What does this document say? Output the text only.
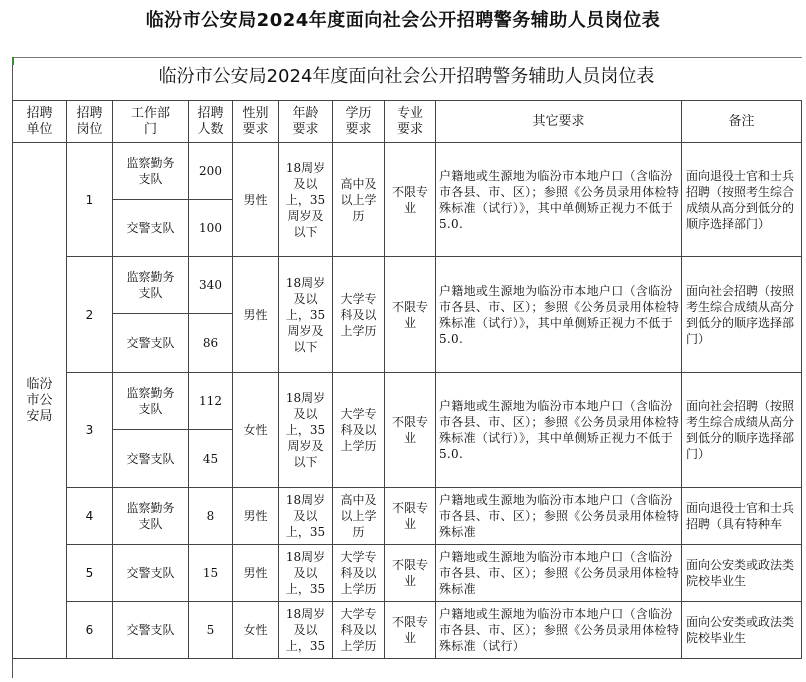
临汾市公安局2024年度面向社会公开招聘警务辅助人员岗位表
临汾市公安局2024年度面向社会公开招聘警务辅助人员岗位表
招聘单位	招聘岗位	工作部门	招聘人数	性别要求	年龄要求	学历要求	专业要求	其它要求	备注
临汾市公安局	1	监察勤务支队	200	男性	18周岁及以上，35周岁及以下	高中及以上学历	不限专业	户籍地或生源地为临汾市本地户口（含临汾市各县、市、区）；参照《公务员录用体检特殊标准（试行）》，其中单侧矫正视力不低于5.0.	面向退役士官和士兵招聘（按照考生综合成绩从高分到低分的顺序选择部门）
		交警支队	100						
	2	监察勤务支队	340	男性	18周岁及以上，35周岁及以下	大学专科及以上学历	不限专业	户籍地或生源地为临汾市本地户口（含临汾市各县、市、区）；参照《公务员录用体检特殊标准（试行）》，其中单侧矫正视力不低于5.0.	面向社会招聘（按照考生综合成绩从高分到低分的顺序选择部门）
		交警支队	86						
	3	监察勤务支队	112	女性	18周岁及以上，35周岁及以下	大学专科及以上学历	不限专业	户籍地或生源地为临汾市本地户口（含临汾市各县、市、区）；参照《公务员录用体检特殊标准（试行）》，其中单侧矫正视力不低于5.0.	面向社会招聘（按照考生综合成绩从高分到低分的顺序选择部门）
		交警支队	45						
	4	监察勤务支队	8	男性	18周岁及以上，35	高中及以上学历	不限专业	户籍地或生源地为临汾市本地户口（含临汾市各县、市、区）；参照《公务员录用体检特殊标准	面向退役士官和士兵招聘（具有特种车
	5	交警支队	15	男性	18周岁及以上，35	大学专科及以上学历	不限专业	户籍地或生源地为临汾市本地户口（含临汾市各县、市、区）；参照《公务员录用体检特殊标准	面向公安类或政法类院校毕业生
	6	交警支队	5	女性	18周岁及以上，35	大学专科及以上学历	不限专业	户籍地或生源地为临汾市本地户口（含临汾市各县、市、区）；参照《公务员录用体检特殊标准（试行）	面向公安类或政法类院校毕业生
